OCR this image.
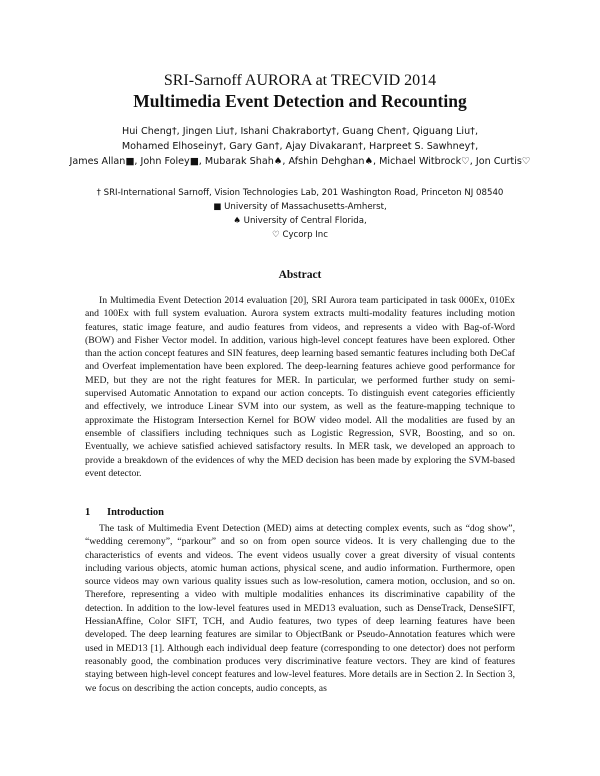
SRI-Sarnoff AURORA at TRECVID 2014
Multimedia Event Detection and Recounting
Hui Cheng†, Jingen Liu†, Ishani Chakraborty†, Guang Chen†, Qiguang Liu†,
Mohamed Elhoseiny†, Gary Gan†, Ajay Divakaran†, Harpreet S. Sawhney†,
James Allan■, John Foley■, Mubarak Shah♠, Afshin Dehghan♠, Michael Witbrock♡, Jon Curtis♡
† SRI-International Sarnoff, Vision Technologies Lab, 201 Washington Road, Princeton NJ 08540
■ University of Massachusetts-Amherst,
♠ University of Central Florida,
♡ Cycorp Inc
Abstract

In Multimedia Event Detection 2014 evaluation [20], SRI Aurora team participated in task 000Ex, 010Ex and 100Ex with full system evaluation. Aurora system extracts multi-modality features including motion features, static image feature, and audio features from videos, and represents a video with Bag-of-Word (BOW) and Fisher Vector model. In addition, various high-level concept features have been explored. Other than the action concept features and SIN features, deep learning based semantic features including both DeCaf and Overfeat implementation have been explored. The deep-learning features achieve good performance for MED, but they are not the right features for MER. In particular, we performed further study on semi-supervised Automatic Annotation to expand our action concepts. To distinguish event categories efficiently and effectively, we introduce Linear SVM into our system, as well as the feature-mapping technique to approximate the Histogram Intersection Kernel for BOW video model. All the modalities are fused by an ensemble of classifiers including techniques such as Logistic Regression, SVR, Boosting, and so on. Eventually, we achieve satisfied achieved satisfactory results. In MER task, we developed an approach to provide a breakdown of the evidences of why the MED decision has been made by exploring the SVM-based event detector.

1 Introduction

The task of Multimedia Event Detection (MED) aims at detecting complex events, such as “dog show”, “wedding ceremony”, “parkour” and so on from open source videos. It is very challenging due to the characteristics of events and videos. The event videos usually cover a great diversity of visual contents including various objects, atomic human actions, physical scene, and audio information. Furthermore, open source videos may own various quality issues such as low-resolution, camera motion, occlusion, and so on. Therefore, representing a video with multiple modalities enhances its discriminative capability of the detection. In addition to the low-level features used in MED13 evaluation, such as DenseTrack, DenseSIFT, HessianAffine, Color SIFT, TCH, and Audio features, two types of deep learning features have been developed. The deep learning features are similar to ObjectBank or Pseudo-Annotation features which were used in MED13 [1]. Although each individual deep feature (corresponding to one detector) does not perform reasonably good, the combination produces very discriminative feature vectors. They are kind of features staying between high-level concept features and low-level features. More details are in Section 2. In Section 3, we focus on describing the action concepts, audio concepts, as
